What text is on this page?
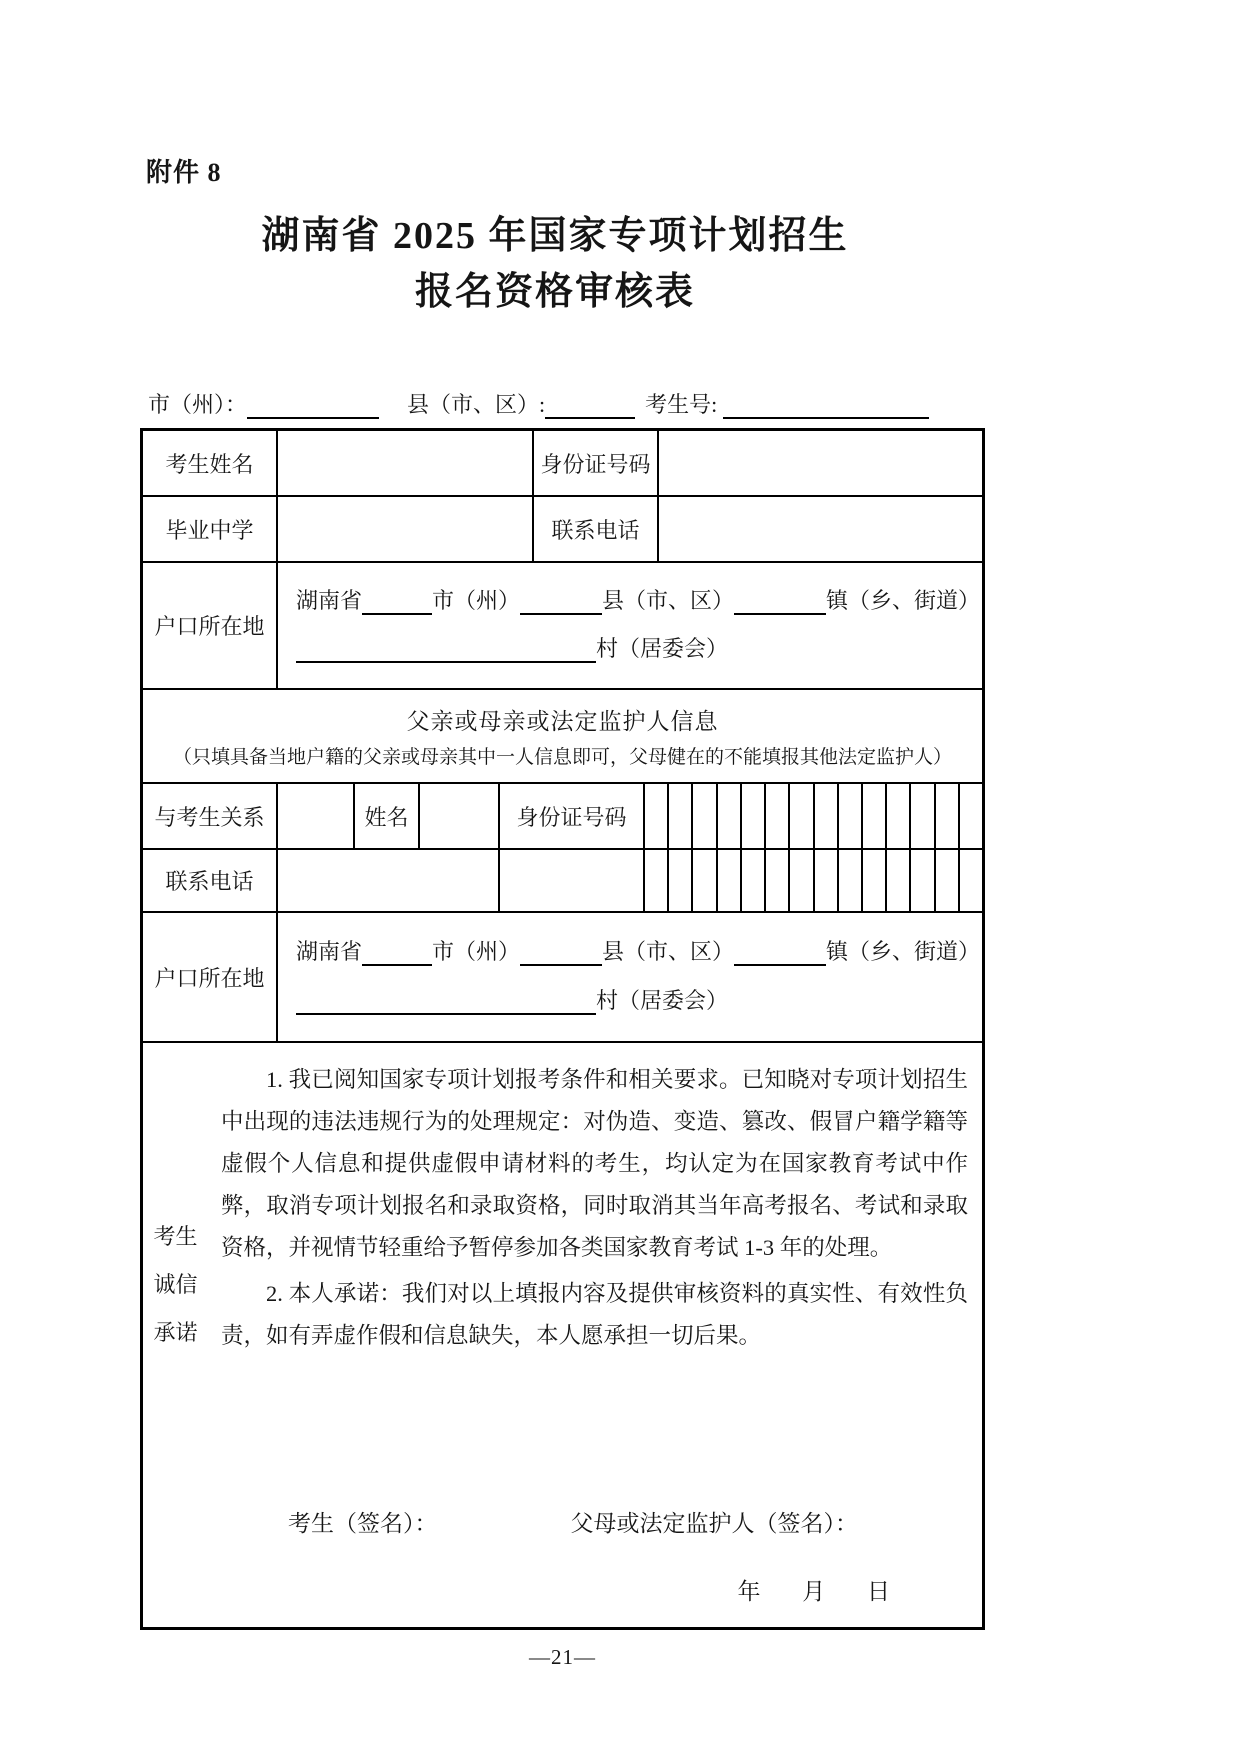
附件 8
湖南省 2025 年国家专项计划招生
报名资格审核表
市（州）：	县（市、区）:	考生号:
考生姓名	身份证号码
毕业中学	联系电话
户口所在地
湖南省	市（州）	县（市、区）	镇（乡、街道）
村（居委会）
父亲或母亲或法定监护人信息
（只填具备当地户籍的父亲或母亲其中一人信息即可，父母健在的不能填报其他法定监护人）
与考生关系	姓名	身份证号码
联系电话
户口所在地
湖南省	市（州）	县（市、区）	镇（乡、街道）
村（居委会）
考生
诚信
承诺

1. 我已阅知国家专项计划报考条件和相关要求。已知晓对专项计划招生中出现的违法违规行为的处理规定：对伪造、变造、篡改、假冒户籍学籍等虚假个人信息和提供虚假申请材料的考生，均认定为在国家教育考试中作弊，取消专项计划报名和录取资格，同时取消其当年高考报名、考试和录取资格，并视情节轻重给予暂停参加各类国家教育考试 1-3 年的处理。

2. 本人承诺：我们对以上填报内容及提供审核资料的真实性、有效性负责，如有弄虚作假和信息缺失，本人愿承担一切后果。

考生（签名）：	父母或法定监护人（签名）：
年 月 日
—21—
